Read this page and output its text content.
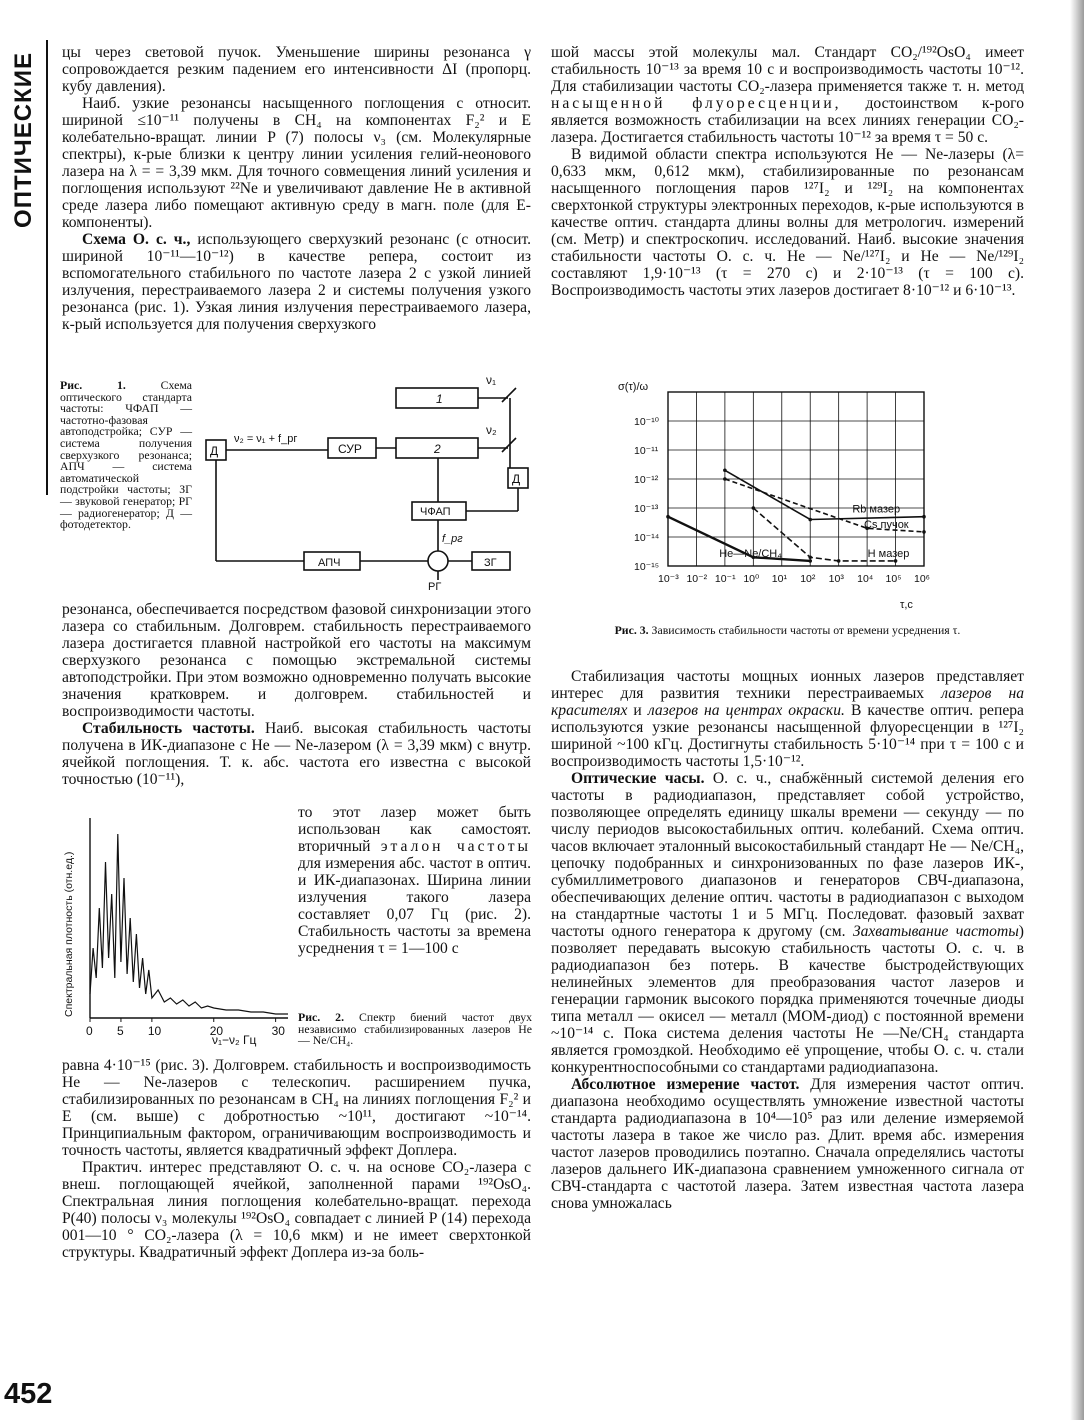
ОПТИЧЕСКИЕ
452

цы через световой пучок. Уменьшение ширины резонанса γ сопровождается резким падением его интенсивности ΔI (пропорц. кубу давления).

Наиб. узкие резонансы насыщенного поглощения с относит. шириной ≤10⁻¹¹ получены в CH₄ на компонентах F₂² и E колебательно-вращат. линии P (7) полосы ν₃ (см. Молекулярные спектры), к-рые близки к центру линии усиления гелий-неонового лазера на λ = = 3,39 мкм. Для точного совмещения линий усиления и поглощения используют ²²Ne и увеличивают давление He в активной среде лазера либо помещают активную среду в магн. поле (для E-компоненты).

Схема О. с. ч., использующего сверхузкий резонанс (с относит. шириной 10⁻¹¹—10⁻¹²) в качестве репера, состоит из вспомогательного стабильного по частоте лазера 2 с узкой линией излучения, перестраиваемого лазера 2 и системы получения узкого резонанса (рис. 1). Узкая линия излучения перестраиваемого лазера, к-рый используется для получения сверхузкого

Рис. 1. Схема оптического стандарта частоты: ЧФАП — частотно-фазовая автоподстройка; СУР — система получения сверхузкого резонанса; АПЧ — система автоматической подстройки частоты; ЗГ — звуковой генератор; РГ — радиогенератор; Д — фотодетектор.
1
2
СУР
Д
Д
ЧФАП
АПЧ	ЗГ
РГ
ν₁
ν₂
ν₂ = ν₁ + f_рг
f_рг

резонанса, обеспечивается посредством фазовой синхронизации этого лазера со стабильным. Долговрем. стабильность перестраиваемого лазера достигается плавной настройкой его частоты на максимум сверхузкого резонанса с помощью экстремальной системы автоподстройки. При этом возможно одновременно получать высокие значения кратковрем. и долговрем. стабильностей и воспроизводимости частоты.

Стабильность частоты. Наиб. высокая стабильность частоты получена в ИК-диапазоне с He — Ne-лазером (λ = 3,39 мкм) с внутр. ячейкой поглощения. Т. к. абс. частота его известна с высокой точностью (10⁻¹¹),

0 5 10	20	30
Спектральная плотность (отн.ед.)
ν₁−ν₂ Гц

то этот лазер может быть использован как самостоят. вторичный эталон частоты для измерения абс. частот в оптич. и ИК-диапазонах. Ширина линии излучения такого лазера составляет 0,07 Гц (рис. 2). Стабильность частоты за времена усреднения τ = 1—100 с

Рис. 2. Спектр биений частот двух независимо стабилизированных лазеров He — Ne/CH₄.

равна 4·10⁻¹⁵ (рис. 3). Долговрем. стабильность и воспроизводимость He — Ne-лазеров с телескопич. расширением пучка, стабилизированных по резонансам в CH₄ на линиях поглощения F₂² и E (см. выше) с добротностью ~10¹¹, достигают ~10⁻¹⁴. Принципиальным фактором, ограничивающим воспроизводимость и точность частоты, является квадратичный эффект Доплера.

Практич. интерес представляют О. с. ч. на основе CO₂-лазера с внеш. поглощающей ячейкой, заполненной парами ¹⁹²OsO₄. Спектральная линия поглощения колебательно-вращат. перехода P(40) полосы ν₃ молекулы ¹⁹²OsO₄ совпадает с линией P (14) перехода 001—10 ° CO₂-лазера (λ = 10,6 мкм) и не имеет сверхтонкой структуры. Квадратичный эффект Доплера из-за боль-

шой массы этой молекулы мал. Стандарт CO₂/¹⁹²OsO₄ имеет стабильность 10⁻¹³ за время 10 с и воспроизводимость частоты 10⁻¹². Для стабилизации частоты CO₂-лазера применяется также т. н. метод насыщенной флуоресценции, достоинством к-рого является возможность стабилизации на всех линиях генерации CO₂-лазера. Достигается стабильность частоты 10⁻¹² за время τ = 50 с.

В видимой области спектра используются He — Ne-лазеры (λ= 0,633 мкм, 0,612 мкм), стабилизированные по резонансам насыщенного поглощения паров ¹²⁷I₂ и ¹²⁹I₂ на компонентах сверхтонкой структуры электронных переходов, к-рые используются в качестве оптич. стандарта длины волны для метрологич. измерений (см. Метр) и спектроскопич. исследований. Наиб. высокие значения стабильности частоты О. с. ч. He — Ne/¹²⁷I₂ и He — Ne/¹²⁹I₂ составляют 1,9·10⁻¹³ (τ = 270 с) и 2·10⁻¹³ (τ = 100 с). Воспроизводимость частоты этих лазеров достигает 8·10⁻¹² и 6·10⁻¹³.

10⁻³ 10⁻² 10⁻¹ 10⁰ 10¹ 10² 10³ 10⁴ 10⁵ 10⁶
10⁻¹⁰
10⁻¹¹
10⁻¹²
10⁻¹³
10⁻¹⁴
10⁻¹⁵
Rb мазер
Cs пучок
H мазер
He—Ne/CH₄
σ(τ)/ω
τ,с
Рис. 3. Зависимость стабильности частоты от времени усреднения τ.

Стабилизация частоты мощных ионных лазеров представляет интерес для развития техники перестраиваемых лазеров на красителях и лазеров на центрах окраски. В качестве оптич. репера используются узкие резонансы насыщенной флуоресценции в ¹²⁷I₂ шириной ~100 кГц. Достигнуты стабильность 5·10⁻¹⁴ при τ = 100 с и воспроизводимость частоты 1,5·10⁻¹².

Оптические часы. О. с. ч., снабжённый системой деления его частоты в радиодиапазон, представляет собой устройство, позволяющее определять единицу шкалы времени — секунду — по числу периодов высокостабильных оптич. колебаний. Схема оптич. часов включает эталонный высокостабильный стандарт He — Ne/CH₄, цепочку подобранных и синхронизованных по фазе лазеров ИК-, субмиллиметрового диапазонов и генераторов СВЧ-диапазона, обеспечивающих деление оптич. частоты в радиодиапазон с выходом на стандартные частоты 1 и 5 МГц. Последоват. фазовый захват частоты одного генератора к другому (см. Захватывание частоты) позволяет передавать высокую стабильность частоты О. с. ч. в радиодиапазон без потерь. В качестве быстродействующих нелинейных элементов для преобразования частот лазеров и генерации гармоник высокого порядка применяются точечные диоды типа металл — окисел — металл (МОМ-диод) с постоянной времени ~10⁻¹⁴ с. Пока система деления частоты He —Ne/CH₄ стандарта является громоздкой. Необходимо её упрощение, чтобы О. с. ч. стали конкурентноспособными со стандартами радиодиапазона.

Абсолютное измерение частот. Для измерения частот оптич. диапазона необходимо осуществлять умножение известной частоты стандарта радиодиапазона в 10⁴—10⁵ раз или деление измеряемой частоты лазера в такое же число раз. Длит. время абс. измерения частот лазеров проводились поэтапно. Сначала определялись частоты лазеров дальнего ИК-диапазона сравнением умноженного сигнала от СВЧ-стандарта с частотой лазера. Затем известная частота лазера снова умножалась
